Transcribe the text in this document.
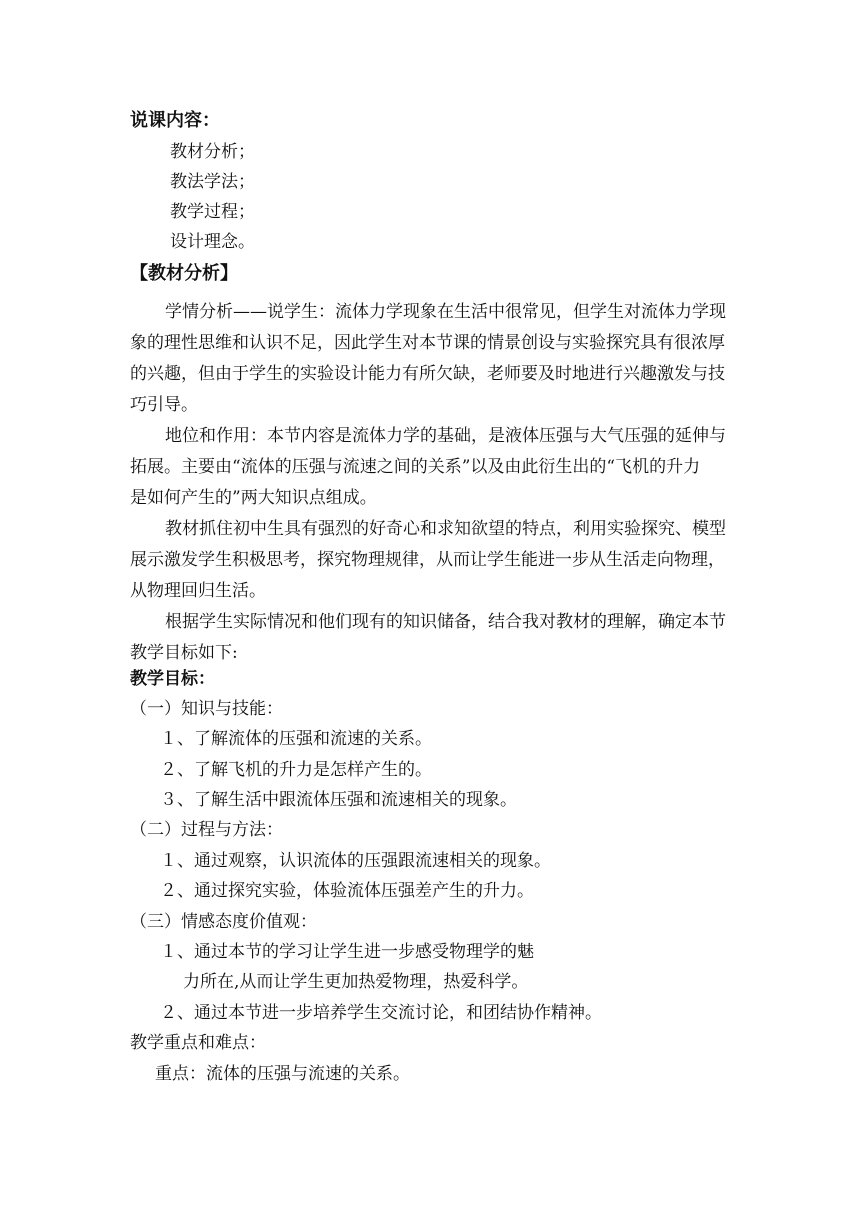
说课内容：
教材分析；
教法学法；
教学过程；
设计理念。
【教材分析】
学情分析——说学生：流体力学现象在生活中很常见，但学生对流体力学现
象的理性思维和认识不足，因此学生对本节课的情景创设与实验探究具有很浓厚
的兴趣，但由于学生的实验设计能力有所欠缺，老师要及时地进行兴趣激发与技
巧引导。
地位和作用：本节内容是流体力学的基础，是液体压强与大气压强的延伸与
拓展。主要由“流体的压强与流速之间的关系”以及由此衍生出的“飞机的升力
是如何产生的”两大知识点组成。
教材抓住初中生具有强烈的好奇心和求知欲望的特点，利用实验探究、模型
展示激发学生积极思考，探究物理规律，从而让学生能进一步从生活走向物理，
从物理回归生活。
根据学生实际情况和他们现有的知识储备，结合我对教材的理解，确定本节
教学目标如下:
教学目标：
（一）知识与技能：
１、了解流体的压强和流速的关系。
２、了解飞机的升力是怎样产生的。
３、了解生活中跟流体压强和流速相关的现象。
（二）过程与方法：
１、通过观察，认识流体的压强跟流速相关的现象。
２、通过探究实验，体验流体压强差产生的升力。
（三）情感态度价值观：
１、通过本节的学习让学生进一步感受物理学的魅
力所在,从而让学生更加热爱物理，热爱科学。
２、通过本节进一步培养学生交流讨论，和团结协作精神。
教学重点和难点：
重点：流体的压强与流速的关系。
